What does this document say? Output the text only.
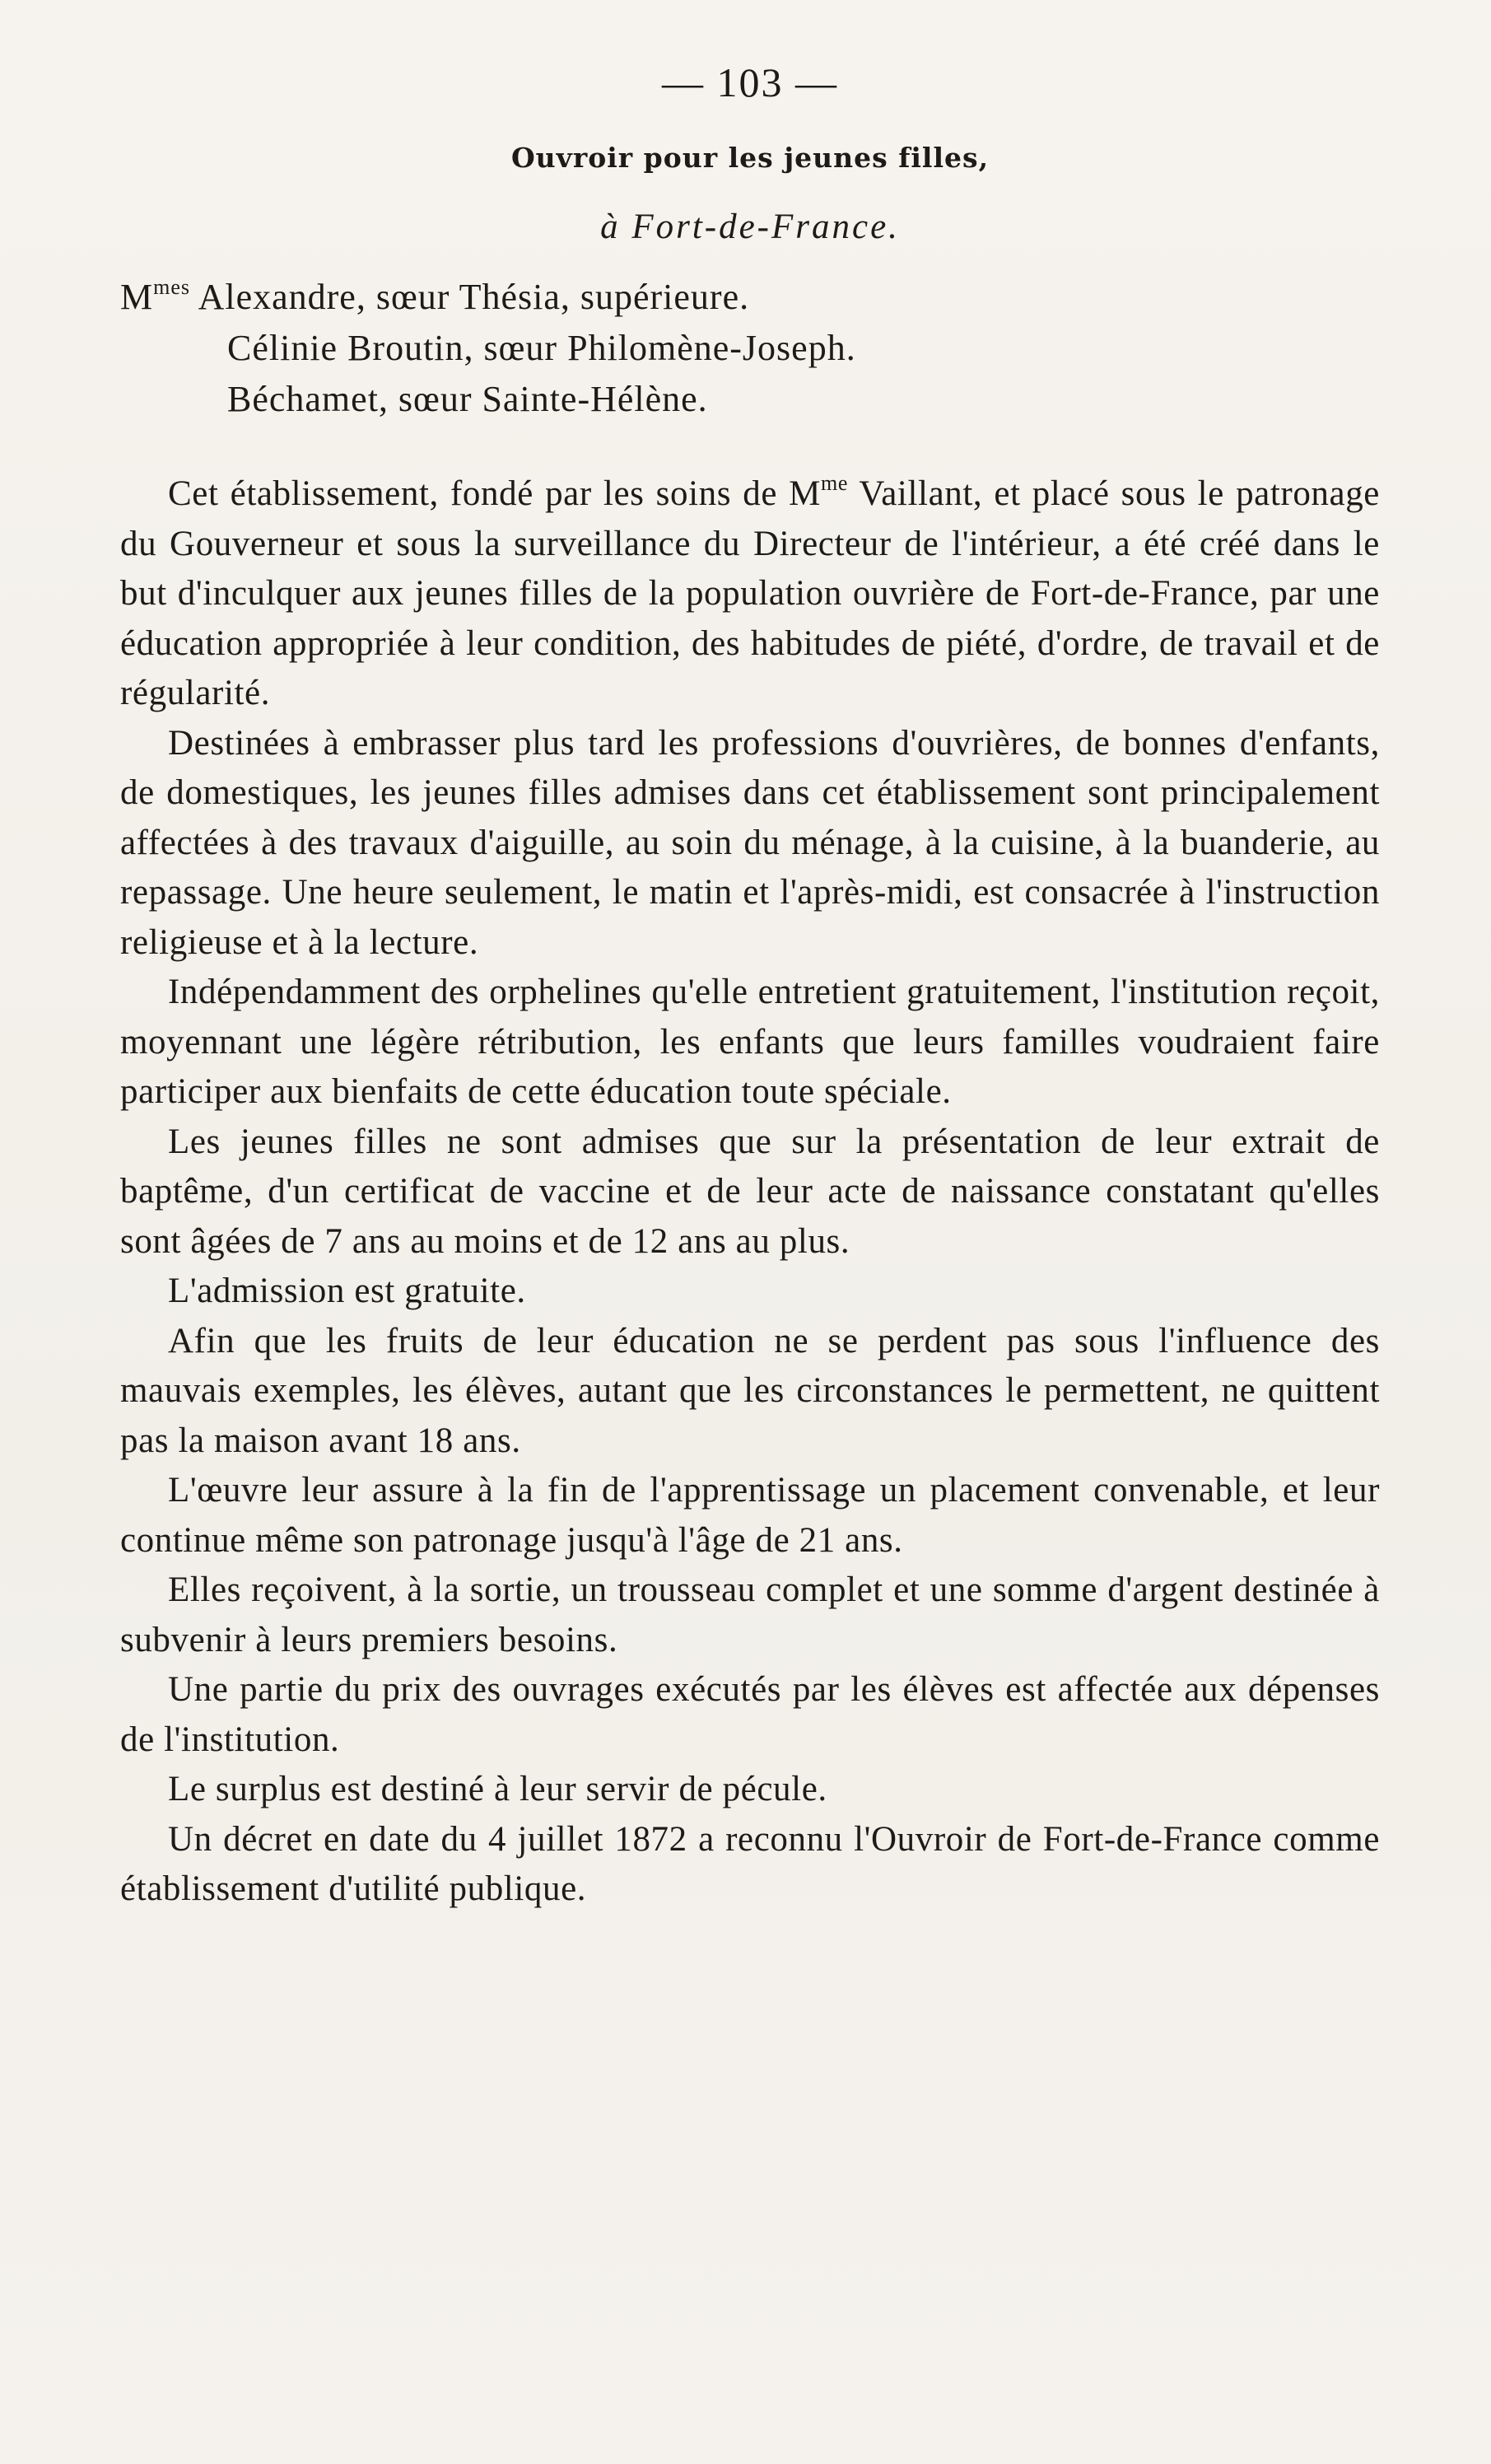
— 103 —
Ouvroir pour les jeunes filles,
à Fort-de-France.
$M^{mes}$ Alexandre, sœur Thésia, supérieure.
Célinie Broutin, sœur Philomène-Joseph.
Béchamet, sœur Sainte-Hélène.

Cet établissement, fondé par les soins de $M^{me}$ Vaillant, et placé sous le patronage du Gouverneur et sous la surveillance du Directeur de l'intérieur, a été créé dans le but d'inculquer aux jeunes filles de la population ouvrière de Fort-de-France, par une éducation appropriée à leur condition, des habitudes de piété, d'ordre, de travail et de régularité.

Destinées à embrasser plus tard les professions d'ouvrières, de bonnes d'enfants, de domestiques, les jeunes filles admises dans cet établissement sont principalement affectées à des travaux d'aiguille, au soin du ménage, à la cuisine, à la buanderie, au repassage. Une heure seulement, le matin et l'après-midi, est consacrée à l'instruction religieuse et à la lecture.

Indépendamment des orphelines qu'elle entretient gratuitement, l'institution reçoit, moyennant une légère rétribution, les enfants que leurs familles voudraient faire participer aux bienfaits de cette éducation toute spéciale.

Les jeunes filles ne sont admises que sur la présentation de leur extrait de baptême, d'un certificat de vaccine et de leur acte de naissance constatant qu'elles sont âgées de 7 ans au moins et de 12 ans au plus.

L'admission est gratuite.

Afin que les fruits de leur éducation ne se perdent pas sous l'influence des mauvais exemples, les élèves, autant que les circonstances le permettent, ne quittent pas la maison avant 18 ans.

L'œuvre leur assure à la fin de l'apprentissage un placement convenable, et leur continue même son patronage jusqu'à l'âge de 21 ans.

Elles reçoivent, à la sortie, un trousseau complet et une somme d'argent destinée à subvenir à leurs premiers besoins.

Une partie du prix des ouvrages exécutés par les élèves est affectée aux dépenses de l'institution.

Le surplus est destiné à leur servir de pécule.

Un décret en date du 4 juillet 1872 a reconnu l'Ouvroir de Fort-de-France comme établissement d'utilité publique.
